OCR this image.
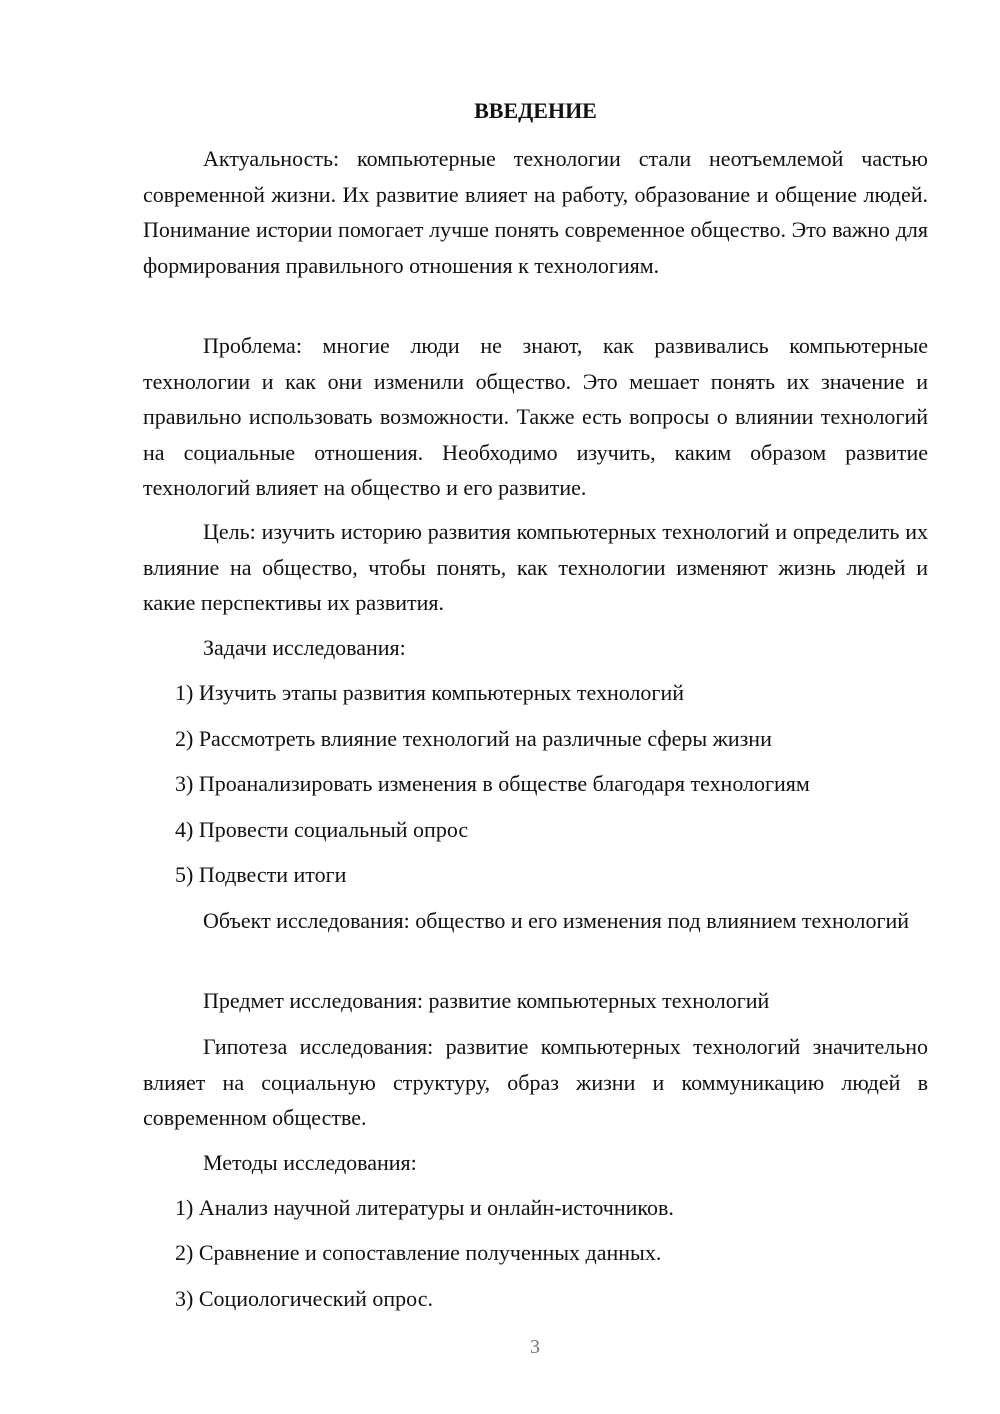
ВВЕДЕНИЕ

Актуальность: компьютерные технологии стали неотъемлемой частью современной жизни. Их развитие влияет на работу, образование и общение людей. Понимание истории помогает лучше понять современное общество. Это важно для формирования правильного отношения к технологиям.

Проблема: многие люди не знают, как развивались компьютерные технологии и как они изменили общество. Это мешает понять их значение и правильно использовать возможности. Также есть вопросы о влиянии технологий на социальные отношения. Необходимо изучить, каким образом развитие технологий влияет на общество и его развитие.

Цель: изучить историю развития компьютерных технологий и определить их влияние на общество, чтобы понять, как технологии изменяют жизнь людей и какие перспективы их развития.

Задачи исследования:

1) Изучить этапы развития компьютерных технологий

2) Рассмотреть влияние технологий на различные сферы жизни

3) Проанализировать изменения в обществе благодаря технологиям

4) Провести социальный опрос

5) Подвести итоги

Объект исследования: общество и его изменения под влиянием технологий

Предмет исследования: развитие компьютерных технологий

Гипотеза исследования: развитие компьютерных технологий значительно влияет на социальную структуру, образ жизни и коммуникацию людей в современном обществе.

Методы исследования:

1) Анализ научной литературы и онлайн-источников.

2) Сравнение и сопоставление полученных данных.

3) Социологический опрос.

3
